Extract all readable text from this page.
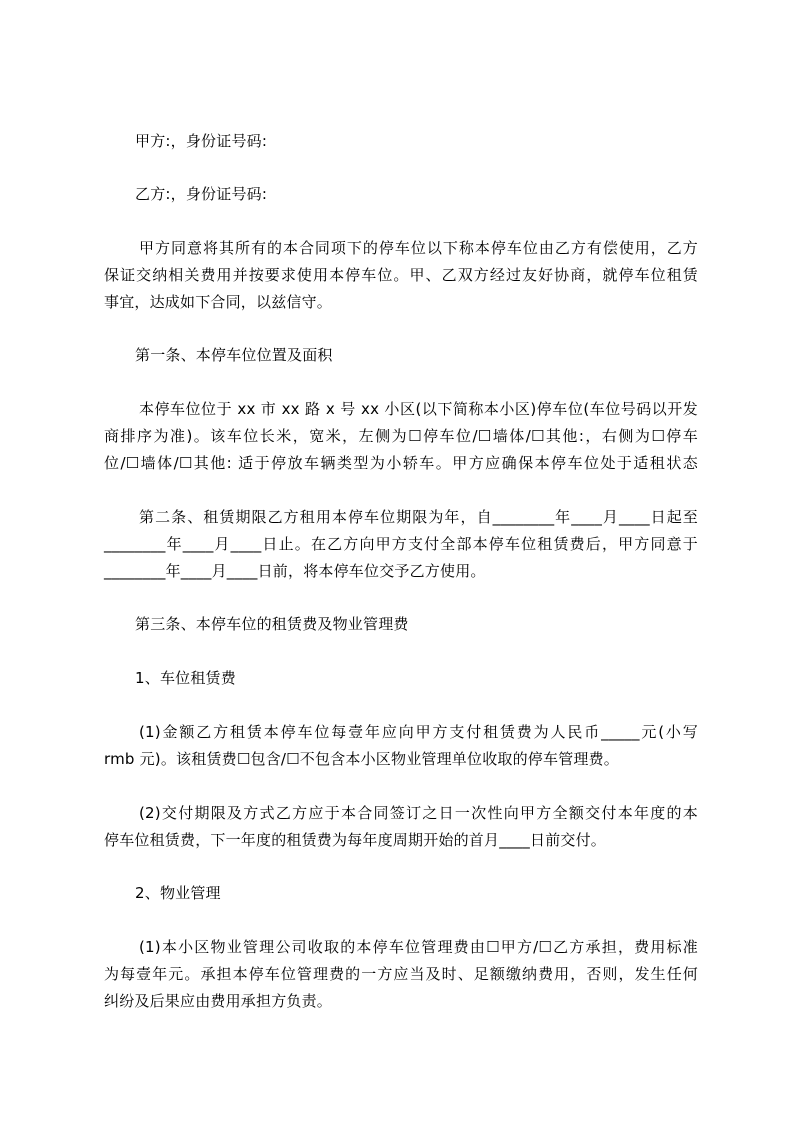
甲方:，身份证号码:
乙方:，身份证号码:
甲方同意将其所有的本合同项下的停车位以下称本停车位由乙方有偿使用，乙方
保证交纳相关费用并按要求使用本停车位。甲、乙双方经过友好协商，就停车位租赁
事宜，达成如下合同，以兹信守。
第一条、本停车位位置及面积
本停车位位于 xx 市 xx 路 x 号 xx 小区(以下简称本小区)停车位(车位号码以开发
商排序为准)。该车位长米，宽米，左侧为☐停车位/☐墙体/☐其他:，右侧为☐停车
位/☐墙体/☐其他: 适于停放车辆类型为小轿车。甲方应确保本停车位处于适租状态
第二条、租赁期限乙方租用本停车位期限为年，自________年____月____日起至
________年____月____日止。在乙方向甲方支付全部本停车位租赁费后，甲方同意于
________年____月____日前，将本停车位交予乙方使用。
第三条、本停车位的租赁费及物业管理费
1、车位租赁费
(1)金额乙方租赁本停车位每壹年应向甲方支付租赁费为人民币_____元(小写
rmb 元)。该租赁费☐包含/☐不包含本小区物业管理单位收取的停车管理费。
(2)交付期限及方式乙方应于本合同签订之日一次性向甲方全额交付本年度的本
停车位租赁费，下一年度的租赁费为每年度周期开始的首月____日前交付。
2、物业管理
(1)本小区物业管理公司收取的本停车位管理费由☐甲方/☐乙方承担，费用标准
为每壹年元。承担本停车位管理费的一方应当及时、足额缴纳费用，否则，发生任何
纠纷及后果应由费用承担方负责。
